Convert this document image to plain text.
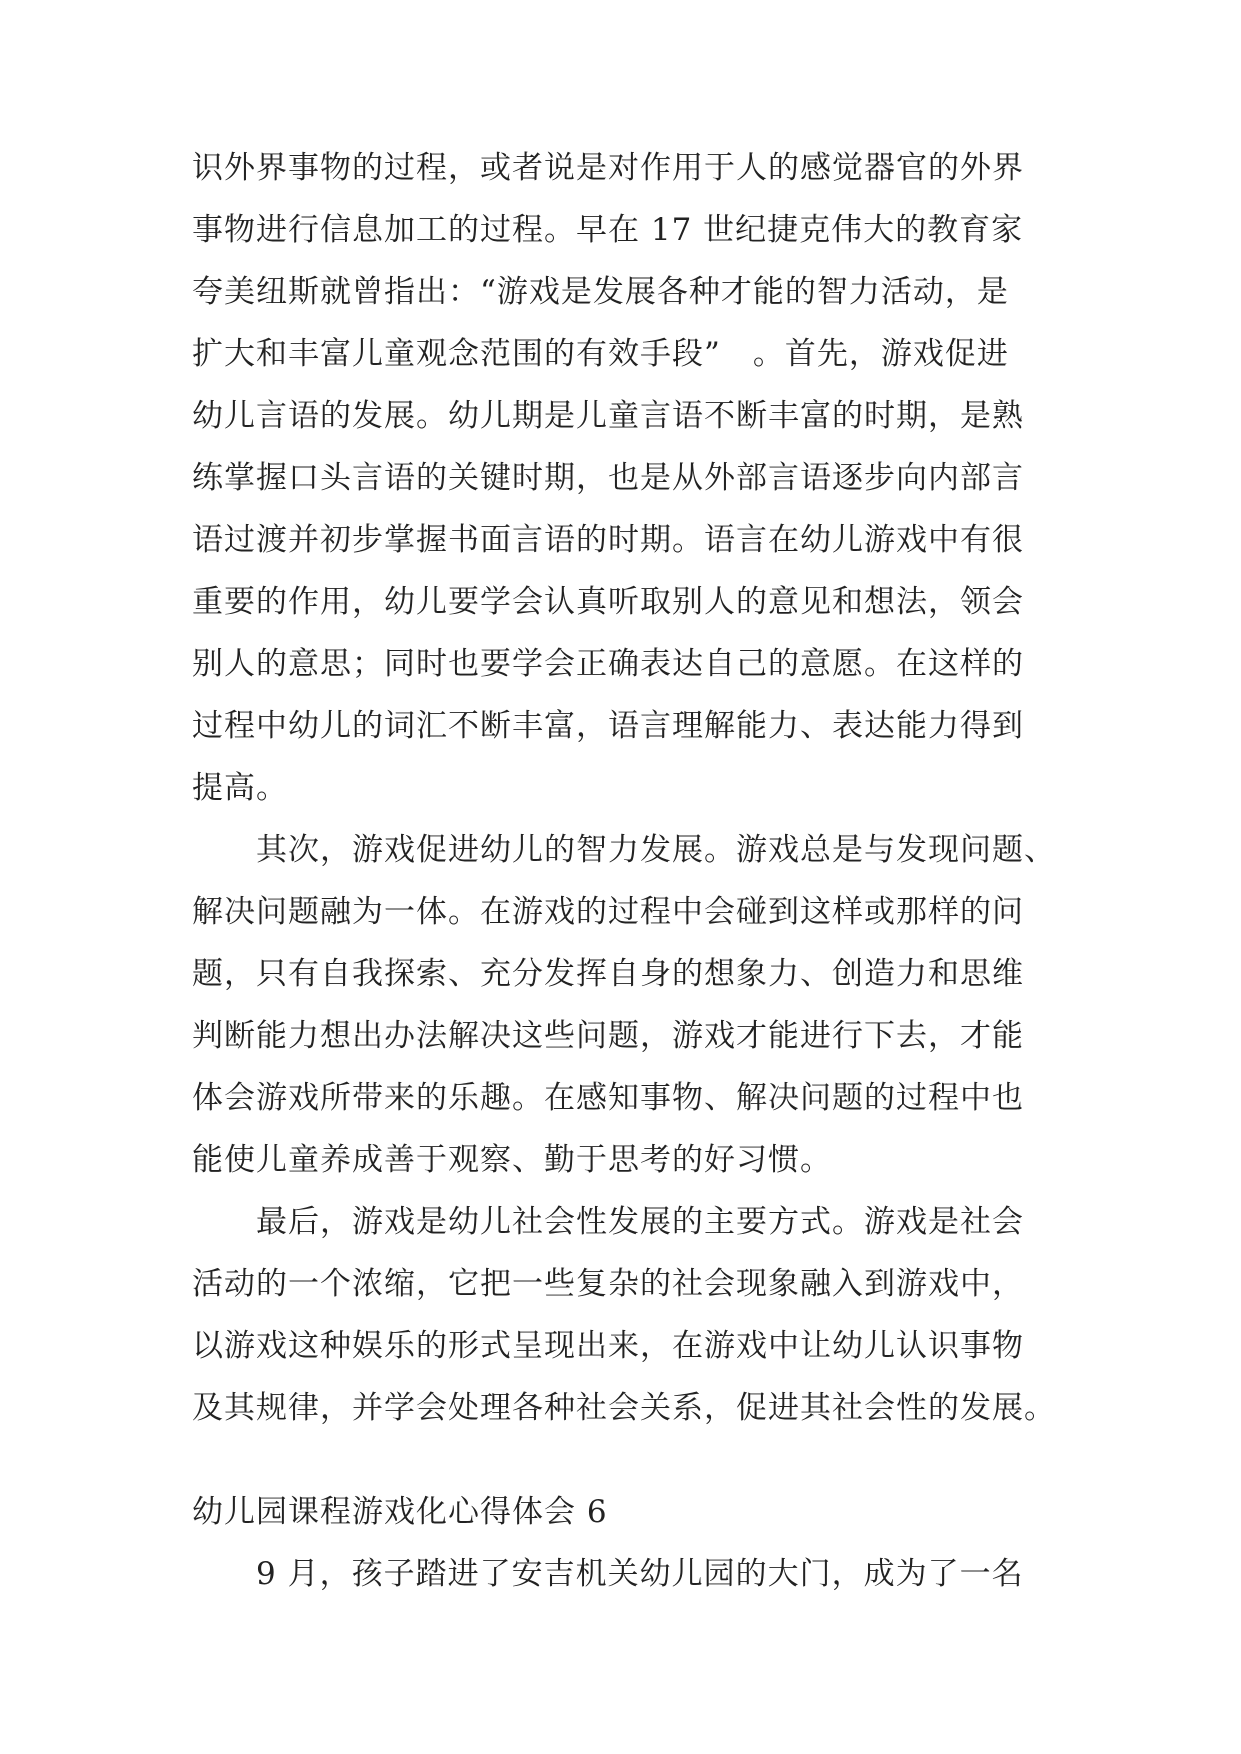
识外界事物的过程，或者说是对作用于人的感觉器官的外界
事物进行信息加工的过程。早在 17 世纪捷克伟大的教育家
夸美纽斯就曾指出：“游戏是发展各种才能的智力活动，是
扩大和丰富儿童观念范围的有效手段”　。首先，游戏促进
幼儿言语的发展。幼儿期是儿童言语不断丰富的时期，是熟
练掌握口头言语的关键时期，也是从外部言语逐步向内部言
语过渡并初步掌握书面言语的时期。语言在幼儿游戏中有很
重要的作用，幼儿要学会认真听取别人的意见和想法，领会
别人的意思；同时也要学会正确表达自己的意愿。在这样的
过程中幼儿的词汇不断丰富，语言理解能力、表达能力得到
提高。
其次，游戏促进幼儿的智力发展。游戏总是与发现问题、
解决问题融为一体。在游戏的过程中会碰到这样或那样的问
题，只有自我探索、充分发挥自身的想象力、创造力和思维
判断能力想出办法解决这些问题，游戏才能进行下去，才能
体会游戏所带来的乐趣。在感知事物、解决问题的过程中也
能使儿童养成善于观察、勤于思考的好习惯。
最后，游戏是幼儿社会性发展的主要方式。游戏是社会
活动的一个浓缩，它把一些复杂的社会现象融入到游戏中，
以游戏这种娱乐的形式呈现出来，在游戏中让幼儿认识事物
及其规律，并学会处理各种社会关系，促进其社会性的发展。
幼儿园课程游戏化心得体会 6
9 月，孩子踏进了安吉机关幼儿园的大门，成为了一名
